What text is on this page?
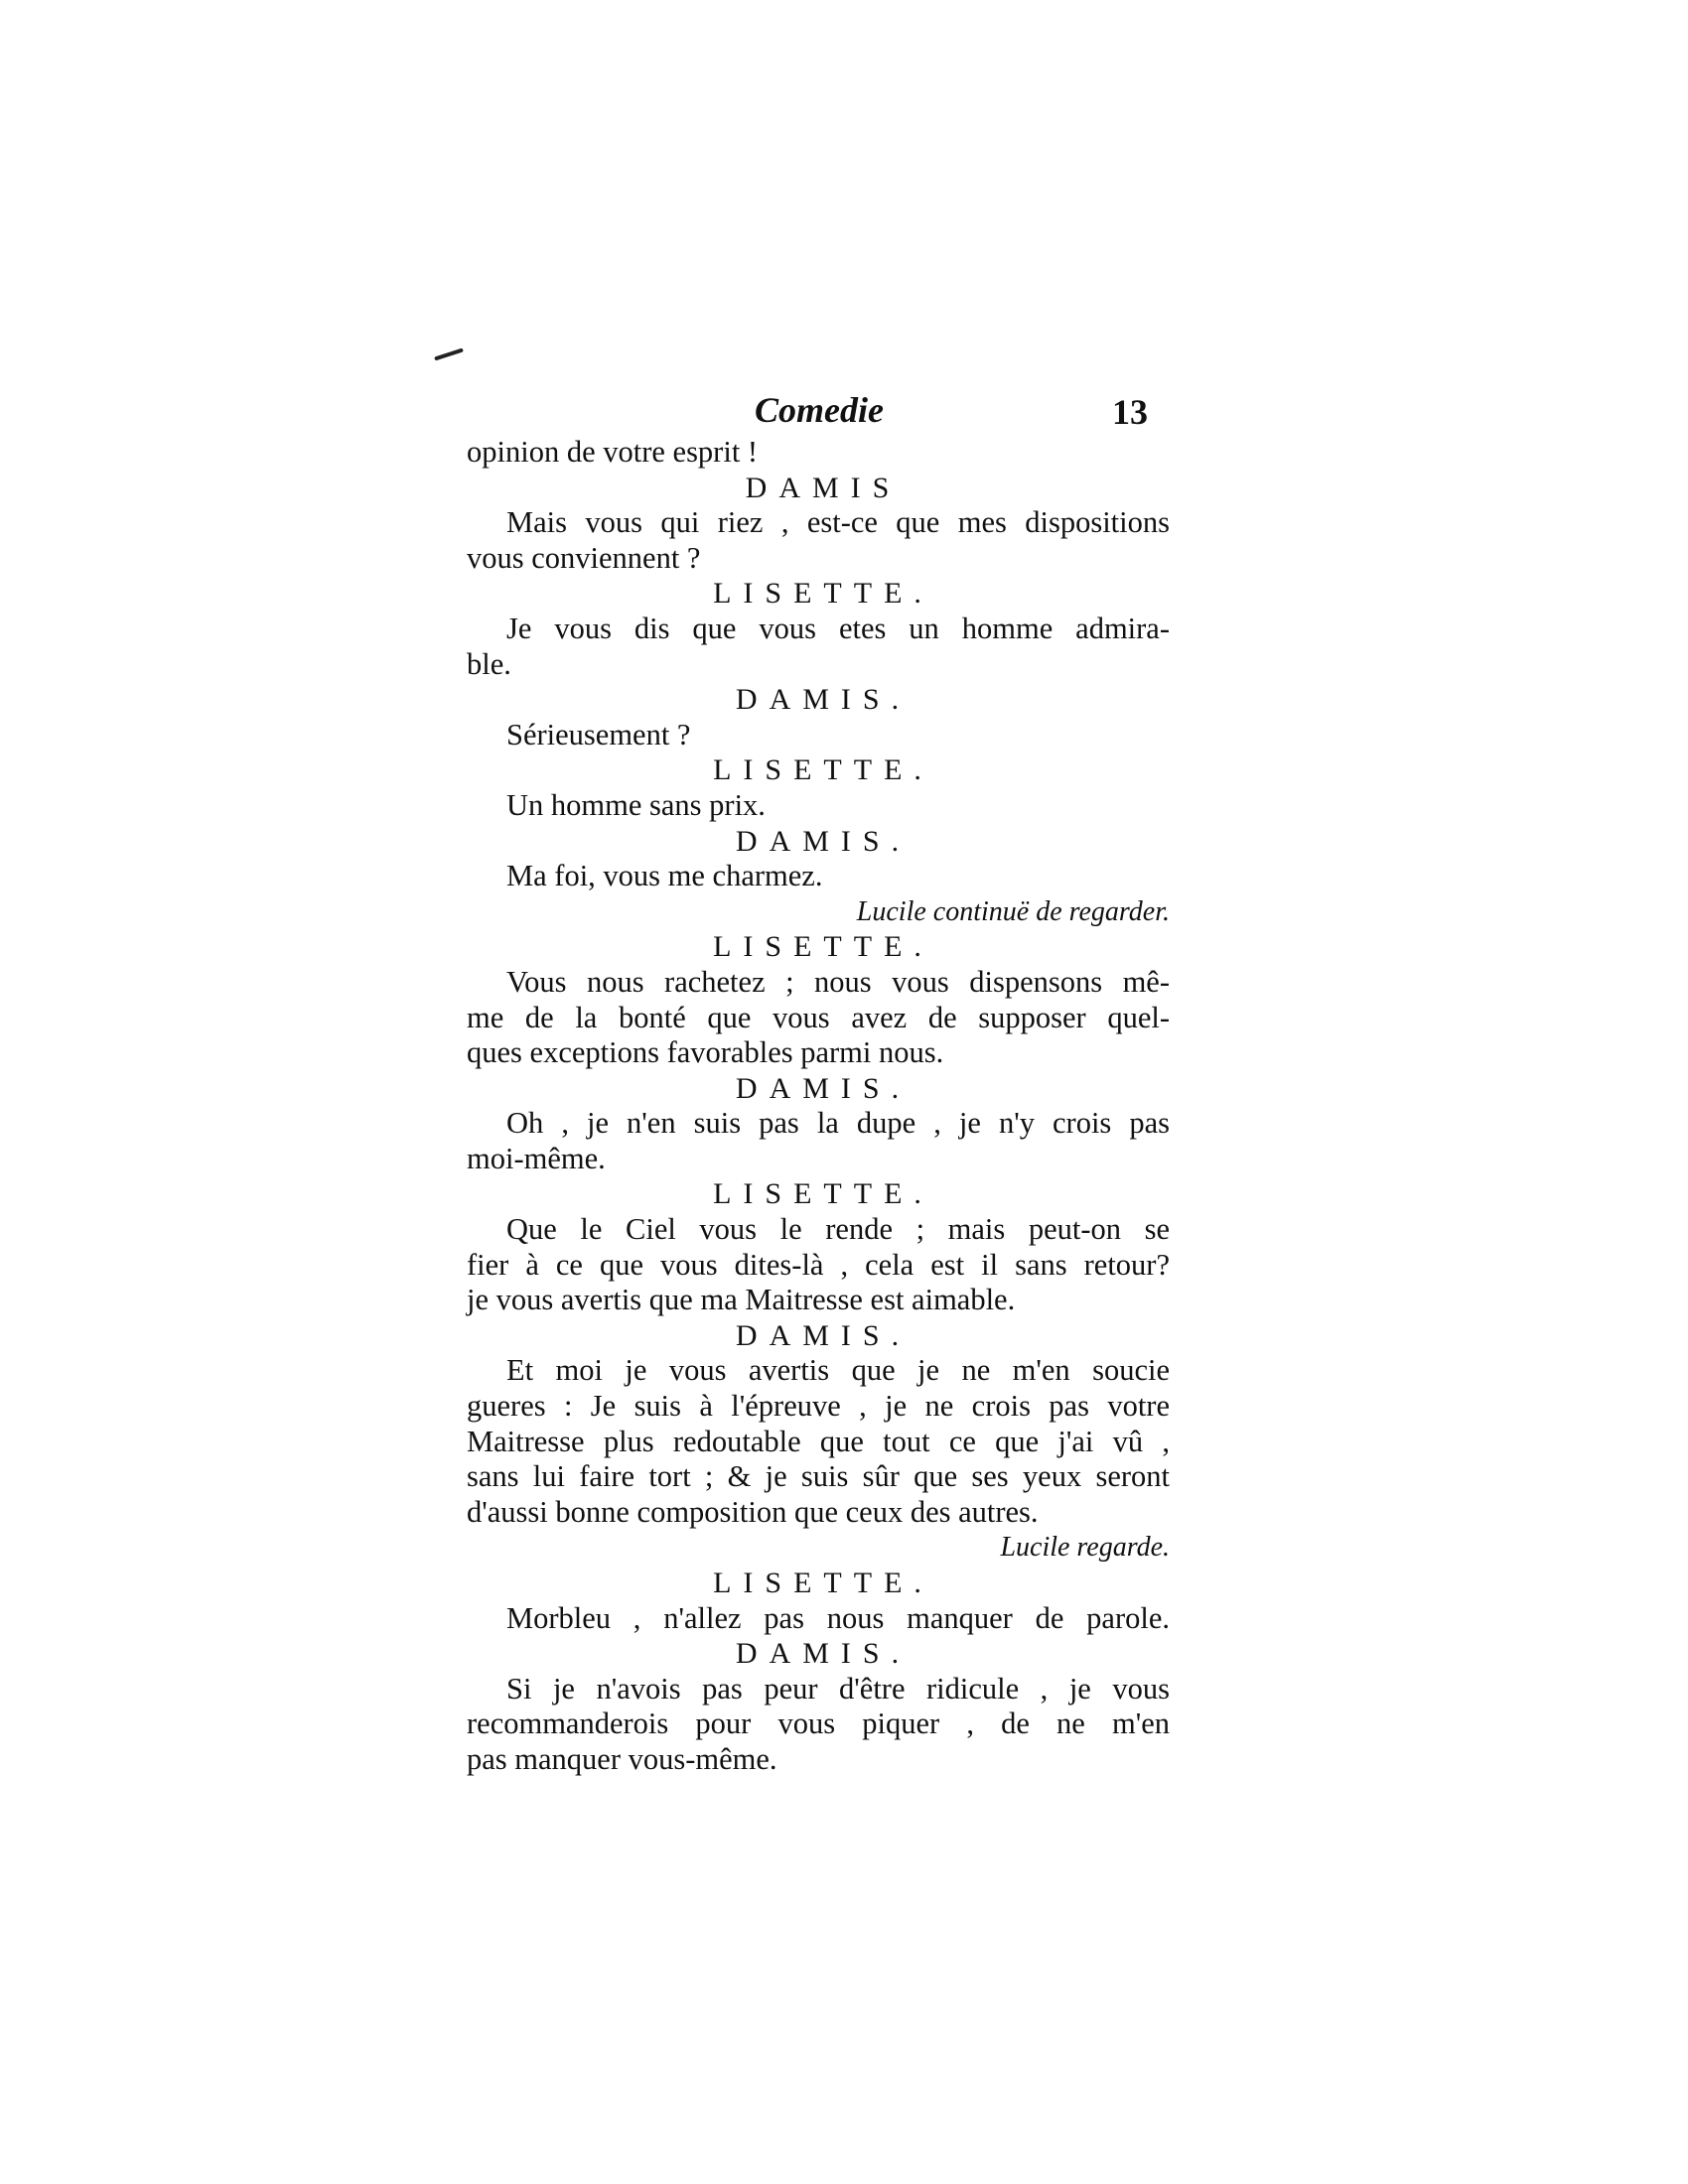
Comedie	13
opinion de votre esprit !
DAMIS
Mais vous qui riez , est-ce que mes dispositions
vous conviennent ?
LISETTE.
Je vous dis que vous etes un homme admira-
ble.
DAMIS.
Sérieusement ?
LISETTE.
Un homme sans prix.
DAMIS.
Ma foi, vous me charmez.
Lucile continuë de regarder.
LISETTE.
Vous nous rachetez ; nous vous dispensons mê-
me de la bonté que vous avez de supposer quel-
ques exceptions favorables parmi nous.
DAMIS.
Oh , je n'en suis pas la dupe , je n'y crois pas
moi-même.
LISETTE.
Que le Ciel vous le rende ; mais peut-on se
fier à ce que vous dites-là , cela est il sans retour?
je vous avertis que ma Maitresse est aimable.
DAMIS.
Et moi je vous avertis que je ne m'en soucie
gueres : Je suis à l'épreuve , je ne crois pas votre
Maitresse plus redoutable que tout ce que j'ai vû ,
sans lui faire tort ; & je suis sûr que ses yeux seront
d'aussi bonne composition que ceux des autres.
Lucile regarde.
LISETTE.
Morbleu , n'allez pas nous manquer de parole.
DAMIS.
Si je n'avois pas peur d'être ridicule , je vous
recommanderois pour vous piquer , de ne m'en
pas manquer vous-même.
